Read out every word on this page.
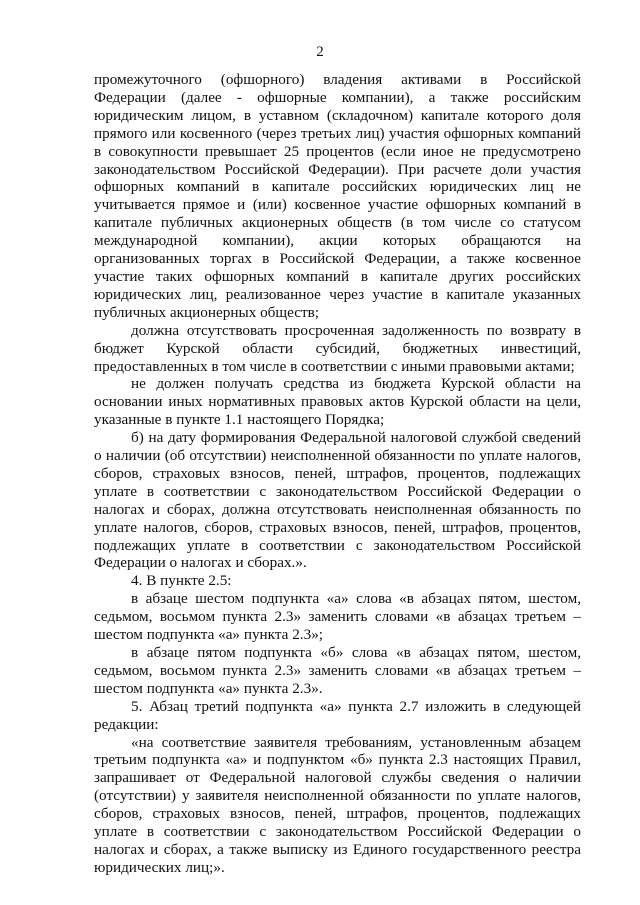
2

промежуточного (офшорного) владения активами в Российской Федерации (далее - офшорные компании), а также российским юридическим лицом, в уставном (складочном) капитале которого доля прямого или косвенного (через третьих лиц) участия офшорных компаний в совокупности превышает 25 процентов (если иное не предусмотрено законодательством Российской Федерации). При расчете доли участия офшорных компаний в капитале российских юридических лиц не учитывается прямое и (или) косвенное участие офшорных компаний в капитале публичных акционерных обществ (в том числе со статусом международной компании), акции которых обращаются на организованных торгах в Российской Федерации, а также косвенное участие таких офшорных компаний в капитале других российских юридических лиц, реализованное через участие в капитале указанных публичных акционерных обществ;

должна отсутствовать просроченная задолженность по возврату в бюджет Курской области субсидий, бюджетных инвестиций, предоставленных в том числе в соответствии с иными правовыми актами;

не должен получать средства из бюджета Курской области на основании иных нормативных правовых актов Курской области на цели, указанные в пункте 1.1 настоящего Порядка;

б) на дату формирования Федеральной налоговой службой сведений о наличии (об отсутствии) неисполненной обязанности по уплате налогов, сборов, страховых взносов, пеней, штрафов, процентов, подлежащих уплате в соответствии с законодательством Российской Федерации о налогах и сборах, должна отсутствовать неисполненная обязанность по уплате налогов, сборов, страховых взносов, пеней, штрафов, процентов, подлежащих уплате в соответствии с законодательством Российской Федерации о налогах и сборах.».

4. В пункте 2.5:

в абзаце шестом подпункта «а» слова «в абзацах пятом, шестом, седьмом, восьмом пункта 2.3» заменить словами «в абзацах третьем – шестом подпункта «а» пункта 2.3»;

в абзаце пятом подпункта «б» слова «в абзацах пятом, шестом, седьмом, восьмом пункта 2.3» заменить словами «в абзацах третьем – шестом подпункта «а» пункта 2.3».

5. Абзац третий подпункта «а» пункта 2.7 изложить в следующей редакции:

«на соответствие заявителя требованиям, установленным абзацем третьим подпункта «а» и подпунктом «б» пункта 2.3 настоящих Правил, запрашивает от Федеральной налоговой службы сведения о наличии (отсутствии) у заявителя неисполненной обязанности по уплате налогов, сборов, страховых взносов, пеней, штрафов, процентов, подлежащих уплате в соответствии с законодательством Российской Федерации о налогах и сборах, а также выписку из Единого государственного реестра юридических лиц;».
